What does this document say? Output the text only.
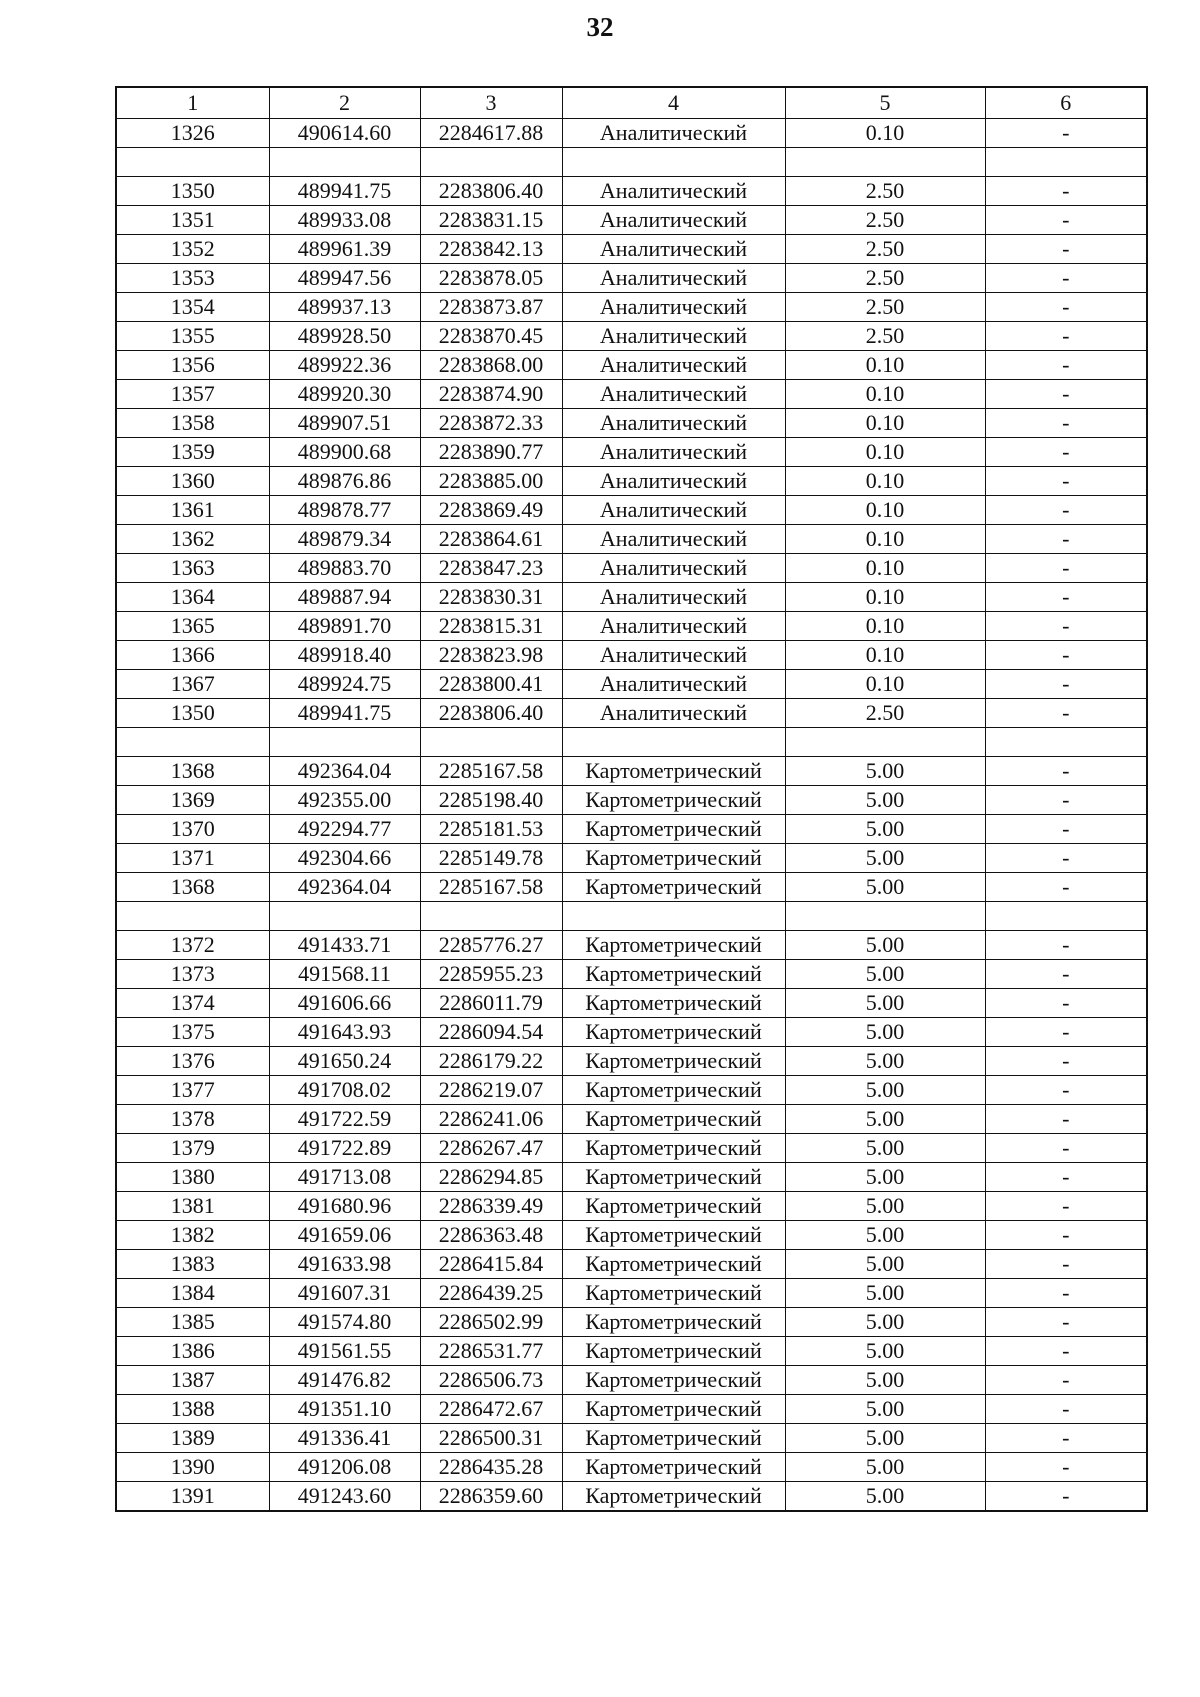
32
1	2	3	4	5	6
1326	490614.60	2284617.88	Аналитический	0.10	-

1350	489941.75	2283806.40	Аналитический	2.50	-
1351	489933.08	2283831.15	Аналитический	2.50	-
1352	489961.39	2283842.13	Аналитический	2.50	-
1353	489947.56	2283878.05	Аналитический	2.50	-
1354	489937.13	2283873.87	Аналитический	2.50	-
1355	489928.50	2283870.45	Аналитический	2.50	-
1356	489922.36	2283868.00	Аналитический	0.10	-
1357	489920.30	2283874.90	Аналитический	0.10	-
1358	489907.51	2283872.33	Аналитический	0.10	-
1359	489900.68	2283890.77	Аналитический	0.10	-
1360	489876.86	2283885.00	Аналитический	0.10	-
1361	489878.77	2283869.49	Аналитический	0.10	-
1362	489879.34	2283864.61	Аналитический	0.10	-
1363	489883.70	2283847.23	Аналитический	0.10	-
1364	489887.94	2283830.31	Аналитический	0.10	-
1365	489891.70	2283815.31	Аналитический	0.10	-
1366	489918.40	2283823.98	Аналитический	0.10	-
1367	489924.75	2283800.41	Аналитический	0.10	-
1350	489941.75	2283806.40	Аналитический	2.50	-

1368	492364.04	2285167.58	Картометрический	5.00	-
1369	492355.00	2285198.40	Картометрический	5.00	-
1370	492294.77	2285181.53	Картометрический	5.00	-
1371	492304.66	2285149.78	Картометрический	5.00	-
1368	492364.04	2285167.58	Картометрический	5.00	-

1372	491433.71	2285776.27	Картометрический	5.00	-
1373	491568.11	2285955.23	Картометрический	5.00	-
1374	491606.66	2286011.79	Картометрический	5.00	-
1375	491643.93	2286094.54	Картометрический	5.00	-
1376	491650.24	2286179.22	Картометрический	5.00	-
1377	491708.02	2286219.07	Картометрический	5.00	-
1378	491722.59	2286241.06	Картометрический	5.00	-
1379	491722.89	2286267.47	Картометрический	5.00	-
1380	491713.08	2286294.85	Картометрический	5.00	-
1381	491680.96	2286339.49	Картометрический	5.00	-
1382	491659.06	2286363.48	Картометрический	5.00	-
1383	491633.98	2286415.84	Картометрический	5.00	-
1384	491607.31	2286439.25	Картометрический	5.00	-
1385	491574.80	2286502.99	Картометрический	5.00	-
1386	491561.55	2286531.77	Картометрический	5.00	-
1387	491476.82	2286506.73	Картометрический	5.00	-
1388	491351.10	2286472.67	Картометрический	5.00	-
1389	491336.41	2286500.31	Картометрический	5.00	-
1390	491206.08	2286435.28	Картометрический	5.00	-
1391	491243.60	2286359.60	Картометрический	5.00	-
